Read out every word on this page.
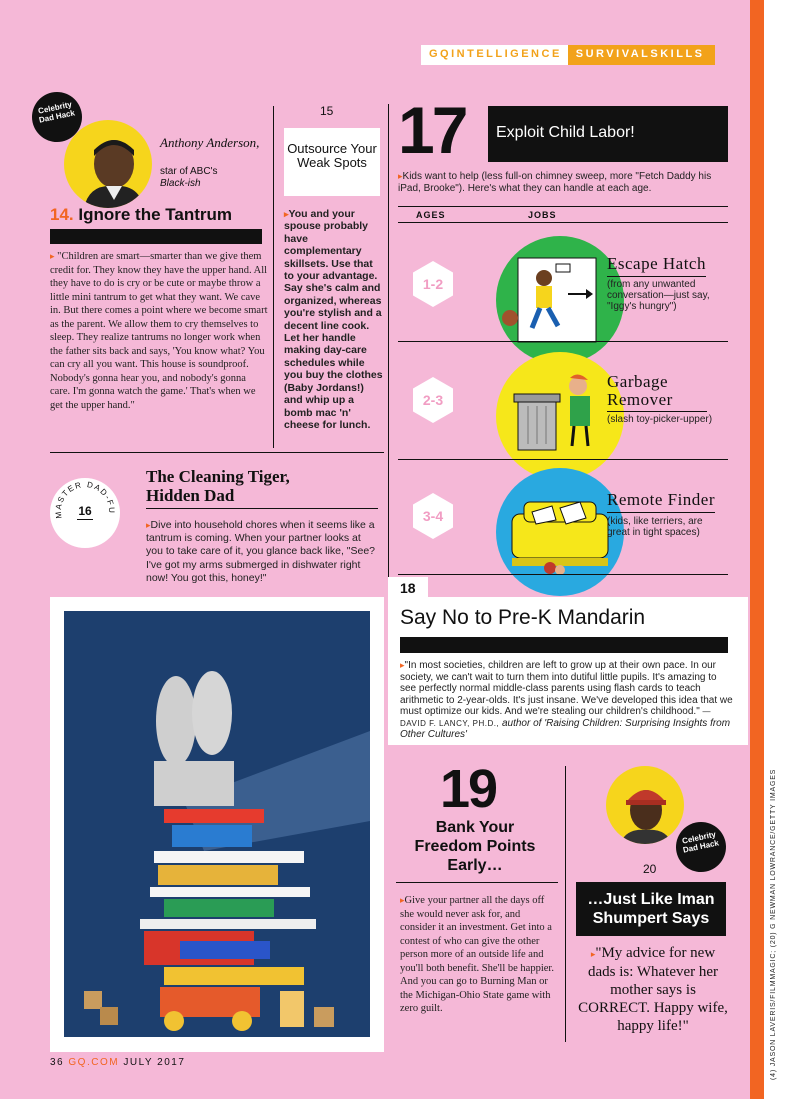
(4) JASON LAVERIS/FILMMAGIC; (20) G NEWMAN LOWRANCE/GETTY IMAGES
GQINTELLIGENCE	SURVIVALSKILLS
Celebrity Dad Hack
Anthony Anderson,
star of ABC's
Black-ish
14. Ignore the Tantrum
▸ "Children are smart—smarter than we give them credit for. They know they have the upper hand. All they have to do is cry or be cute or maybe throw a little mini tantrum to get what they want. We cave in. But there comes a point where we become smart as the parent. We allow them to cry themselves to sleep. They realize tantrums no longer work when the father sits back and says, 'You know what? You can cry all you want. This house is soundproof. Nobody's gonna hear you, and nobody's gonna care. I'm gonna watch the game.' That's when we get the upper hand."
15
Outsource Your Weak Spots
▸You and your spouse probably have complementary skillsets. Use that to your advantage. Say she's calm and organized, whereas you're stylish and a decent line cook. Let her handle making day-care schedules while you buy the clothes (Baby Jordans!) and whip up a bomb mac 'n' cheese for lunch.
MASTER DAD-FU
16
The Cleaning Tiger, Hidden Dad
▸Dive into household chores when it seems like a tantrum is coming. When your partner looks at you to take care of it, you glance back like, "See? I've got my arms submerged in dishwater right now! You got this, honey!"
17	Exploit Child Labor!
▸Kids want to help (less full-on chimney sweep, more "Fetch Daddy his iPad, Brooke"). Here's what they can handle at each age.
AGES	JOBS
1-2
Escape Hatch
(from any unwanted conversation—just say, "Iggy's hungry")
2-3
Garbage Remover
(slash toy-picker-upper)
3-4
Remote Finder
(kids, like terriers, are great in tight spaces)
18
Say No to Pre-K Mandarin
▸"In most societies, children are left to grow up at their own pace. In our society, we can't wait to turn them into dutiful little pupils. It's amazing to see perfectly normal middle-class parents using flash cards to teach arithmetic to 2-year-olds. It's just insane. We've developed this idea that we must optimize our kids. And we're stealing our children's childhood." —DAVID F. LANCY, PH.D., author of 'Raising Children: Surprising Insights from Other Cultures'
19
Bank Your Freedom Points Early…
▸Give your partner all the days off she would never ask for, and consider it an investment. Get into a contest of who can give the other person more of an outside life and you'll both benefit. She'll be happier. And you can go to Burning Man or the Michigan-Ohio State game with zero guilt.
Celebrity Dad Hack
20
…Just Like Iman Shumpert Says
▸"My advice for new dads is: Whatever her mother says is CORRECT. Happy wife, happy life!"
36 GQ.COM JULY 2017
